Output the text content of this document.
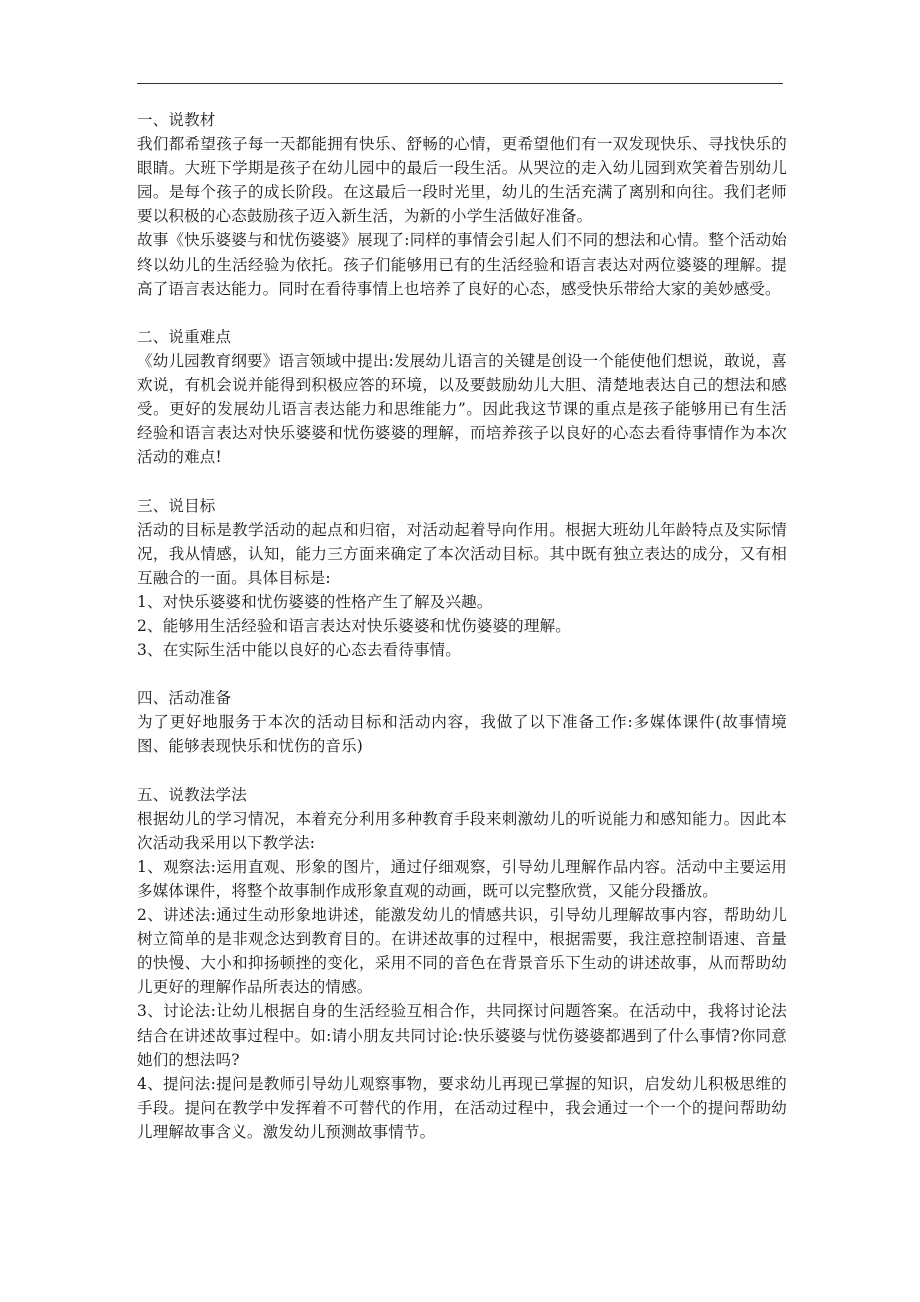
一、说教材

我们都希望孩子每一天都能拥有快乐、舒畅的心情，更希望他们有一双发现快乐、寻找快乐的眼睛。大班下学期是孩子在幼儿园中的最后一段生活。从哭泣的走入幼儿园到欢笑着告别幼儿园。是每个孩子的成长阶段。在这最后一段时光里，幼儿的生活充满了离别和向往。我们老师要以积极的心态鼓励孩子迈入新生活，为新的小学生活做好准备。

故事《快乐婆婆与和忧伤婆婆》展现了:同样的事情会引起人们不同的想法和心情。整个活动始终以幼儿的生活经验为依托。孩子们能够用已有的生活经验和语言表达对两位婆婆的理解。提高了语言表达能力。同时在看待事情上也培养了良好的心态，感受快乐带给大家的美妙感受。

二、说重难点

《幼儿园教育纲要》语言领域中提出:发展幼儿语言的关键是创设一个能使他们想说，敢说，喜欢说，有机会说并能得到积极应答的环境，以及要鼓励幼儿大胆、清楚地表达自己的想法和感受。更好的发展幼儿语言表达能力和思维能力”。因此我这节课的重点是孩子能够用已有生活经验和语言表达对快乐婆婆和忧伤婆婆的理解，而培养孩子以良好的心态去看待事情作为本次活动的难点!

三、说目标

活动的目标是教学活动的起点和归宿，对活动起着导向作用。根据大班幼儿年龄特点及实际情况，我从情感，认知，能力三方面来确定了本次活动目标。其中既有独立表达的成分，又有相互融合的一面。具体目标是:

1、对快乐婆婆和忧伤婆婆的性格产生了解及兴趣。

2、能够用生活经验和语言表达对快乐婆婆和忧伤婆婆的理解。

3、在实际生活中能以良好的心态去看待事情。

四、活动准备

为了更好地服务于本次的活动目标和活动内容，我做了以下准备工作:多媒体课件(故事情境图、能够表现快乐和忧伤的音乐)

五、说教法学法

根据幼儿的学习情况，本着充分利用多种教育手段来刺激幼儿的听说能力和感知能力。因此本次活动我采用以下教学法:

1、观察法:运用直观、形象的图片，通过仔细观察，引导幼儿理解作品内容。活动中主要运用多媒体课件，将整个故事制作成形象直观的动画，既可以完整欣赏，又能分段播放。

2、讲述法:通过生动形象地讲述，能激发幼儿的情感共识，引导幼儿理解故事内容，帮助幼儿树立简单的是非观念达到教育目的。在讲述故事的过程中，根据需要，我注意控制语速、音量的快慢、大小和抑扬顿挫的变化，采用不同的音色在背景音乐下生动的讲述故事，从而帮助幼儿更好的理解作品所表达的情感。

3、讨论法:让幼儿根据自身的生活经验互相合作，共同探讨问题答案。在活动中，我将讨论法结合在讲述故事过程中。如:请小朋友共同讨论:快乐婆婆与忧伤婆婆都遇到了什么事情?你同意她们的想法吗?

4、提问法:提问是教师引导幼儿观察事物，要求幼儿再现已掌握的知识，启发幼儿积极思维的手段。提问在教学中发挥着不可替代的作用，在活动过程中，我会通过一个一个的提问帮助幼儿理解故事含义。激发幼儿预测故事情节。
